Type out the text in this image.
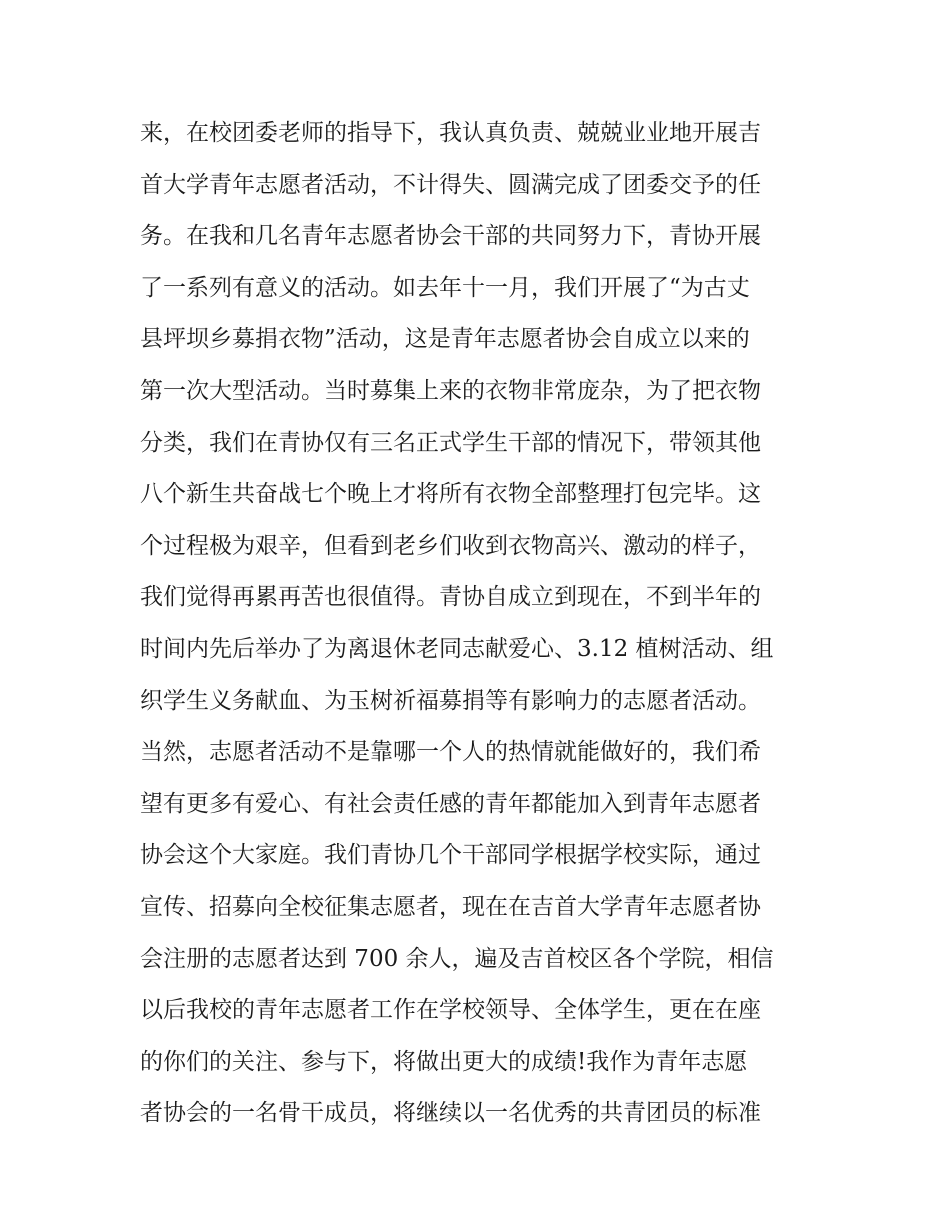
来，在校团委老师的指导下，我认真负责、兢兢业业地开展吉
首大学青年志愿者活动，不计得失、圆满完成了团委交予的任
务。在我和几名青年志愿者协会干部的共同努力下，青协开展
了一系列有意义的活动。如去年十一月，我们开展了“为古丈
县坪坝乡募捐衣物”活动，这是青年志愿者协会自成立以来的
第一次大型活动。当时募集上来的衣物非常庞杂，为了把衣物
分类，我们在青协仅有三名正式学生干部的情况下，带领其他
八个新生共奋战七个晚上才将所有衣物全部整理打包完毕。这
个过程极为艰辛，但看到老乡们收到衣物高兴、激动的样子，
我们觉得再累再苦也很值得。青协自成立到现在，不到半年的
时间内先后举办了为离退休老同志献爱心、3.12 植树活动、组
织学生义务献血、为玉树祈福募捐等有影响力的志愿者活动。
当然，志愿者活动不是靠哪一个人的热情就能做好的，我们希
望有更多有爱心、有社会责任感的青年都能加入到青年志愿者
协会这个大家庭。我们青协几个干部同学根据学校实际，通过
宣传、招募向全校征集志愿者，现在在吉首大学青年志愿者协
会注册的志愿者达到 700 余人，遍及吉首校区各个学院，相信
以后我校的青年志愿者工作在学校领导、全体学生，更在在座
的你们的关注、参与下，将做出更大的成绩!我作为青年志愿
者协会的一名骨干成员，将继续以一名优秀的共青团员的标准
